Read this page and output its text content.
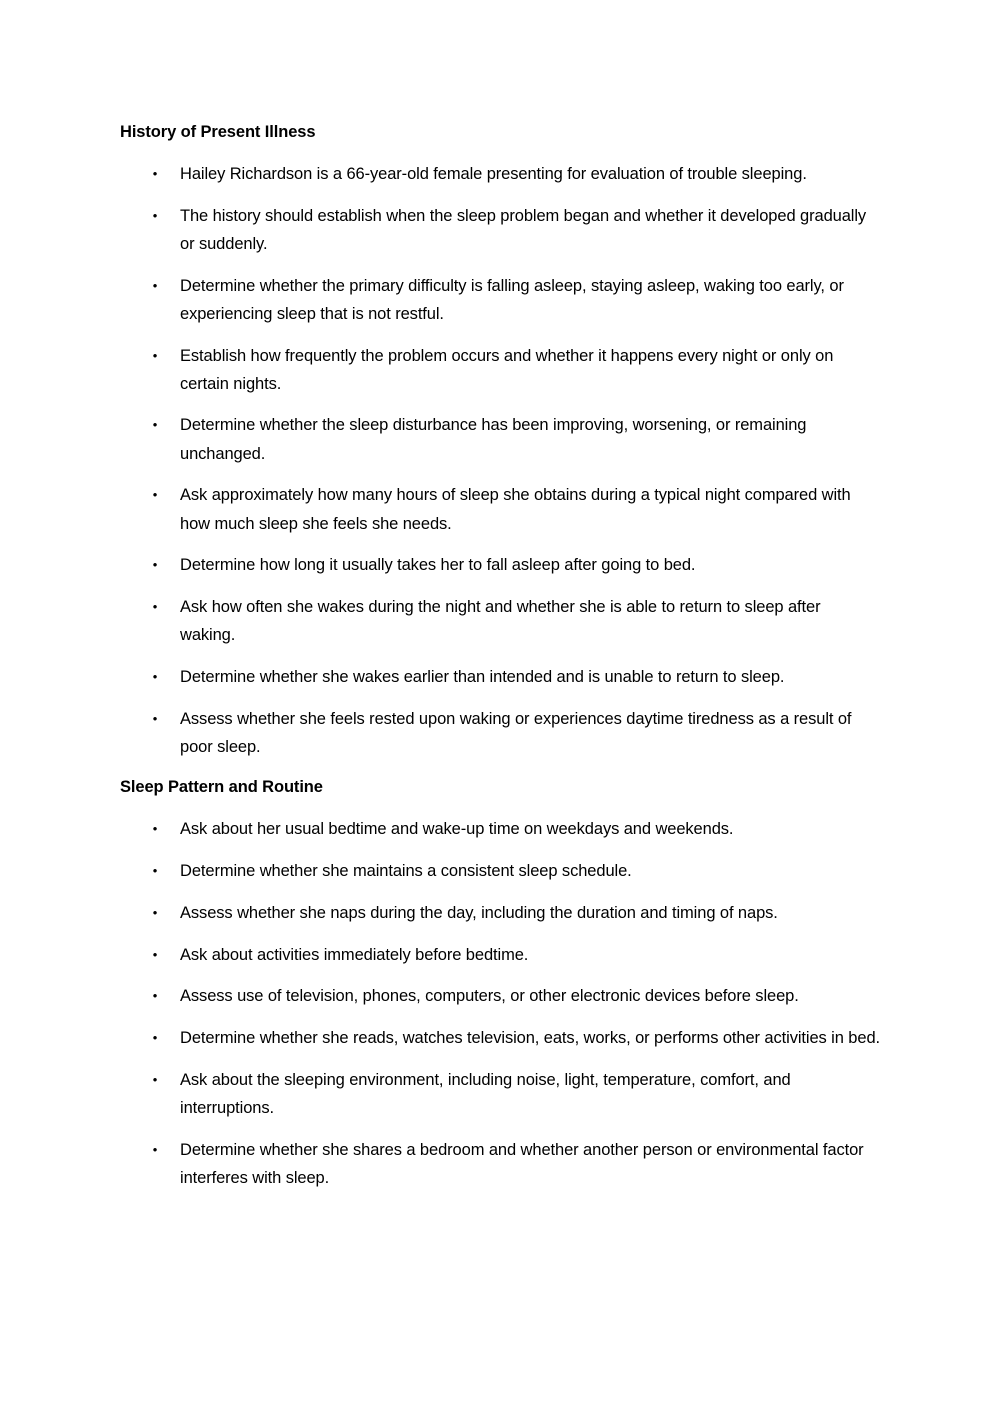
History of Present Illness
• Hailey Richardson is a 66-year-old female presenting for evaluation of trouble sleeping.
• The history should establish when the sleep problem began and whether it developed gradually or suddenly.
• Determine whether the primary difficulty is falling asleep, staying asleep, waking too early, or experiencing sleep that is not restful.
• Establish how frequently the problem occurs and whether it happens every night or only on certain nights.
• Determine whether the sleep disturbance has been improving, worsening, or remaining unchanged.
• Ask approximately how many hours of sleep she obtains during a typical night compared with how much sleep she feels she needs.
• Determine how long it usually takes her to fall asleep after going to bed.
• Ask how often she wakes during the night and whether she is able to return to sleep after waking.
• Determine whether she wakes earlier than intended and is unable to return to sleep.
• Assess whether she feels rested upon waking or experiences daytime tiredness as a result of poor sleep.
Sleep Pattern and Routine
• Ask about her usual bedtime and wake-up time on weekdays and weekends.
• Determine whether she maintains a consistent sleep schedule.
• Assess whether she naps during the day, including the duration and timing of naps.
• Ask about activities immediately before bedtime.
• Assess use of television, phones, computers, or other electronic devices before sleep.
• Determine whether she reads, watches television, eats, works, or performs other activities in bed.
• Ask about the sleeping environment, including noise, light, temperature, comfort, and interruptions.
• Determine whether she shares a bedroom and whether another person or environmental factor interferes with sleep.
